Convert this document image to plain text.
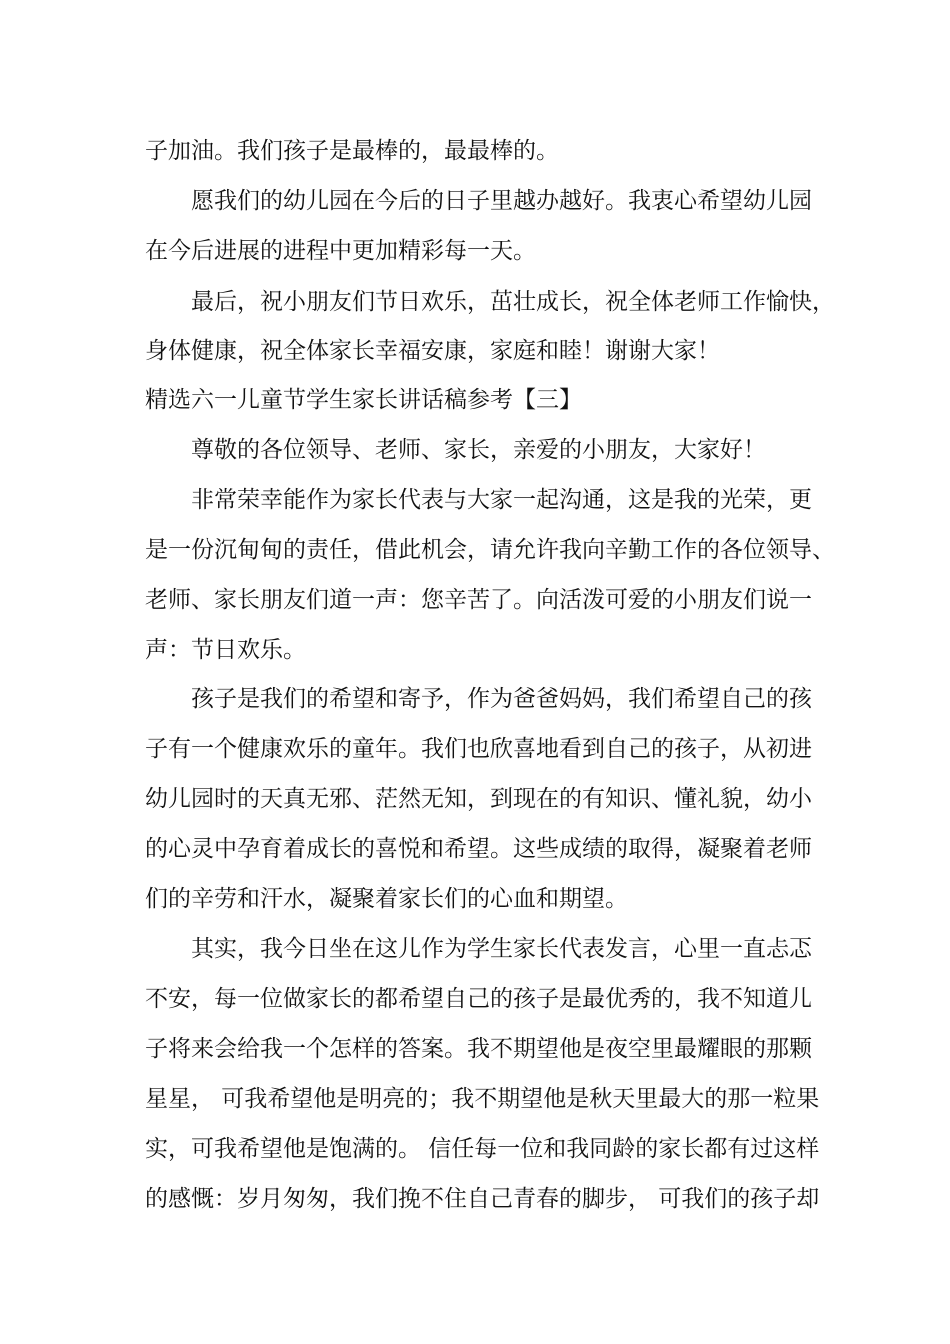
子加油。我们孩子是最棒的，最最棒的。
愿我们的幼儿园在今后的日子里越办越好。我衷心希望幼儿园
在今后进展的进程中更加精彩每一天。
最后，祝小朋友们节日欢乐，茁壮成长，祝全体老师工作愉快，
身体健康，祝全体家长幸福安康，家庭和睦！谢谢大家！
精选六一儿童节学生家长讲话稿参考【三】
尊敬的各位领导、老师、家长，亲爱的小朋友，大家好！
非常荣幸能作为家长代表与大家一起沟通，这是我的光荣，更
是一份沉甸甸的责任，借此机会，请允许我向辛勤工作的各位领导、
老师、家长朋友们道一声：您辛苦了。向活泼可爱的小朋友们说一
声：节日欢乐。
孩子是我们的希望和寄予，作为爸爸妈妈，我们希望自己的孩
子有一个健康欢乐的童年。我们也欣喜地看到自己的孩子，从初进
幼儿园时的天真无邪、茫然无知，到现在的有知识、懂礼貌，幼小
的心灵中孕育着成长的喜悦和希望。这些成绩的取得，凝聚着老师
们的辛劳和汗水，凝聚着家长们的心血和期望。
其实，我今日坐在这儿作为学生家长代表发言，心里一直忐忑
不安，每一位做家长的都希望自己的孩子是最优秀的，我不知道儿
子将来会给我一个怎样的答案。我不期望他是夜空里最耀眼的那颗
星星， 可我希望他是明亮的；我不期望他是秋天里最大的那一粒果
实，可我希望他是饱满的。 信任每一位和我同龄的家长都有过这样
的感慨：岁月匆匆，我们挽不住自己青春的脚步， 可我们的孩子却
